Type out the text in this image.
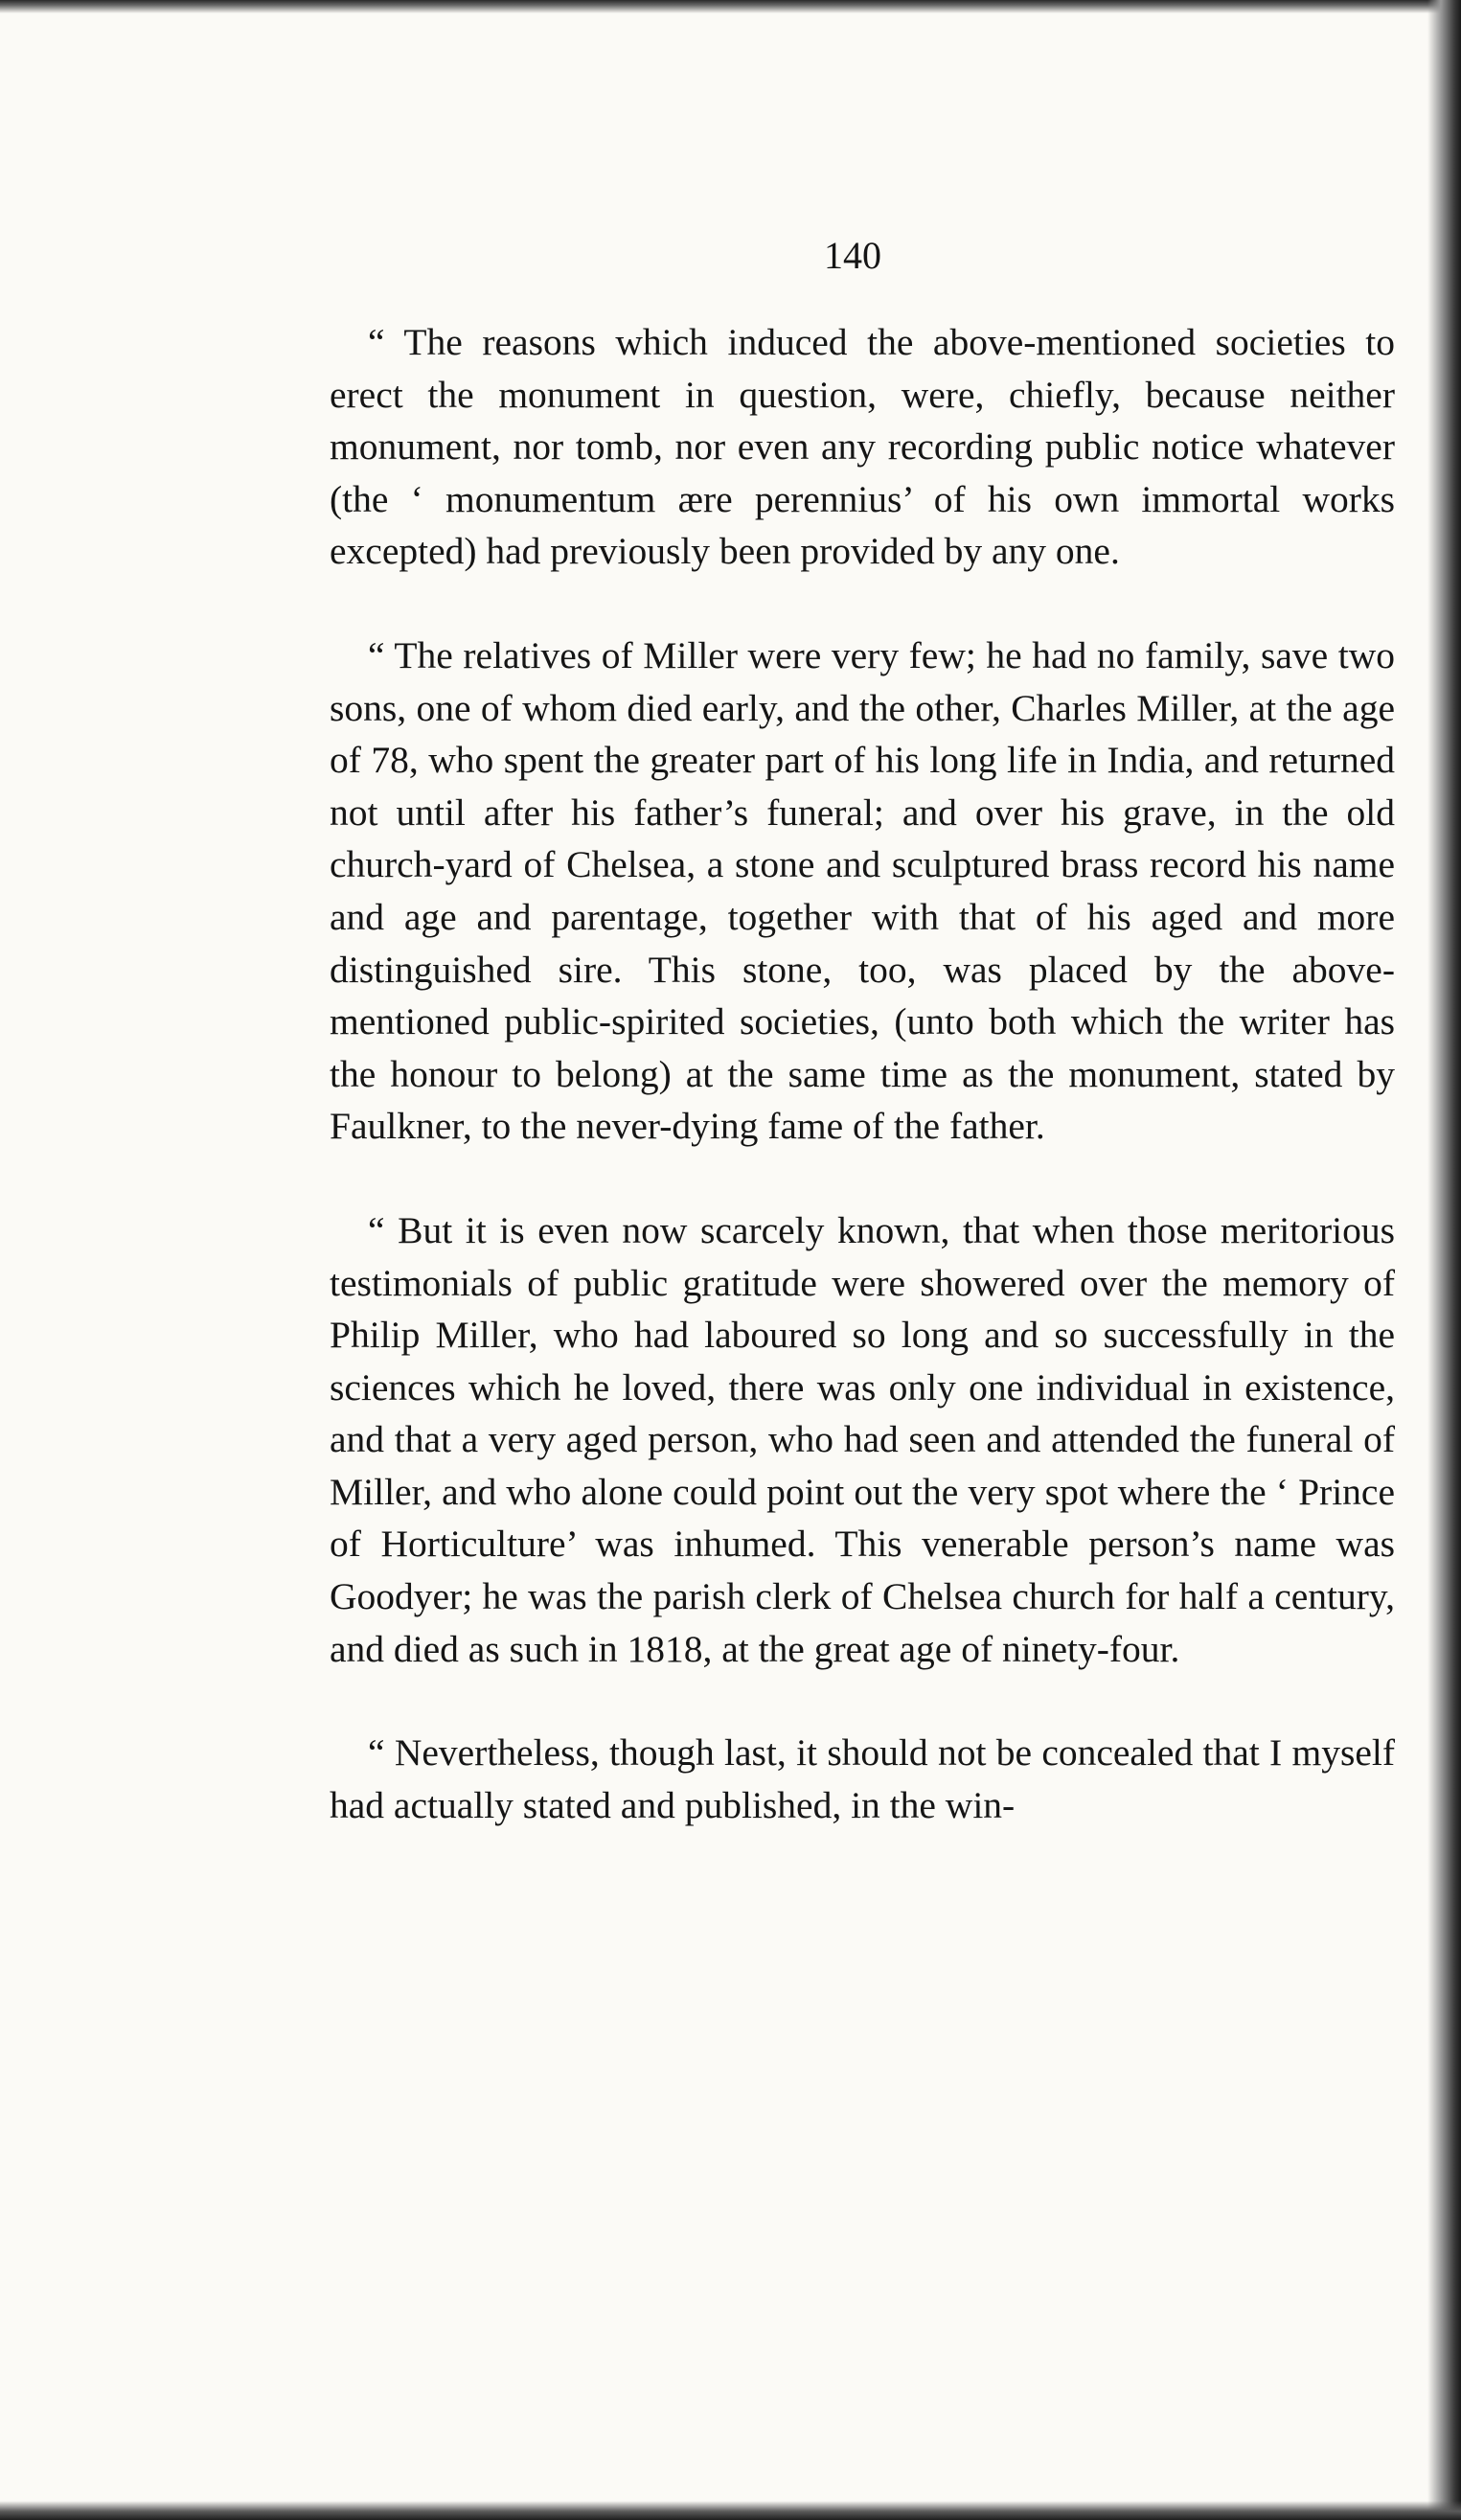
140

“ The reasons which induced the above-mentioned societies to erect the monument in question, were, chiefly, because neither monument, nor tomb, nor even any recording public notice whatever (the ‘ monumentum ære perennius’ of his own immortal works excepted) had previously been provided by any one.

“ The relatives of Miller were very few; he had no family, save two sons, one of whom died early, and the other, Charles Miller, at the age of 78, who spent the greater part of his long life in India, and returned not until after his father’s funeral; and over his grave, in the old church-yard of Chelsea, a stone and sculptured brass record his name and age and parentage, together with that of his aged and more distinguished sire. This stone, too, was placed by the above-mentioned public-spirited societies, (unto both which the writer has the honour to belong) at the same time as the monument, stated by Faulkner, to the never-dying fame of the father.

“ But it is even now scarcely known, that when those meritorious testimonials of public gratitude were showered over the memory of Philip Miller, who had laboured so long and so successfully in the sciences which he loved, there was only one individual in existence, and that a very aged person, who had seen and attended the funeral of Miller, and who alone could point out the very spot where the ‘ Prince of Horticulture’ was inhumed. This venerable person’s name was Goodyer; he was the parish clerk of Chelsea church for half a century, and died as such in 1818, at the great age of ninety-four.

“ Nevertheless, though last, it should not be concealed that I myself had actually stated and published, in the win-
